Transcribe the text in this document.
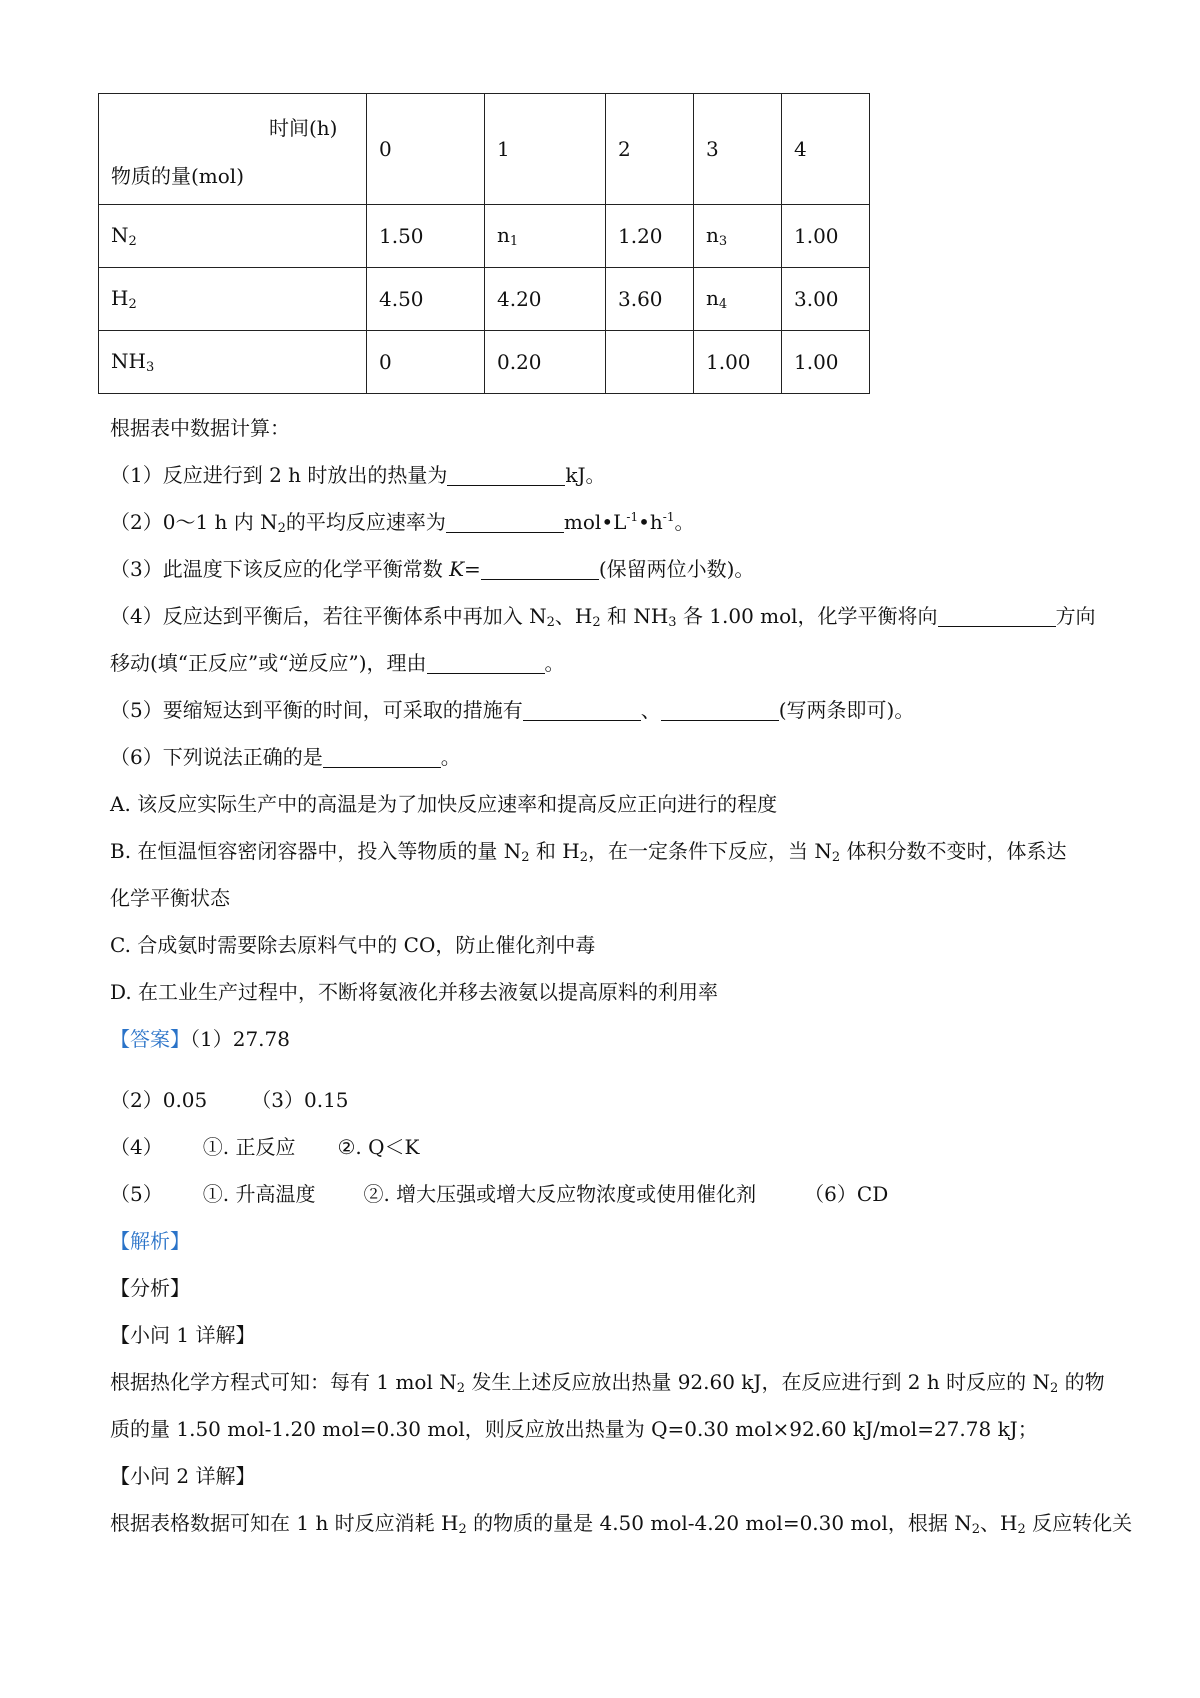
时间(h)
物质的量(mol)	0	1	2	3	4
$N_2$	1.50	$n_1$	1.20	$n_3$	1.00
$H_2$	4.50	4.20	3.60	$n_4$	3.00
$NH_3$	0	0.20		1.00	1.00
根据表中数据计算：
（1）反应进行到 2 h 时放出的热量为	kJ。
（2）0～1 h 内 $N_2$的平均反应速率为	$mol•L^{-1}•h^{-1}$。
（3）此温度下该反应的化学平衡常数 K=	(保留两位小数)。
（4）反应达到平衡后，若往平衡体系中再加入 $N_2$、$H_2$ 和 $NH_3$ 各 1.00 mol，化学平衡将向	方向
移动(填“正反应”或“逆反应”)，理由	。
（5）要缩短达到平衡的时间，可采取的措施有	、	(写两条即可)。
（6）下列说法正确的是	。
A. 该反应实际生产中的高温是为了加快反应速率和提高反应正向进行的程度
B. 在恒温恒容密闭容器中，投入等物质的量 $N_2$ 和 $H_2$，在一定条件下反应，当 $N_2$ 体积分数不变时，体系达
化学平衡状态
C. 合成氨时需要除去原料气中的 CO，防止催化剂中毒
D. 在工业生产过程中，不断将氨液化并移去液氨以提高原料的利用率
【答案】（1）27.78
（2）0.05 （3）0.15
（4） ①. 正反应 ②. Q＜K
（5） ①. 升高温度 ②. 增大压强或增大反应物浓度或使用催化剂 （6）CD
【解析】
【分析】
【小问 1 详解】
根据热化学方程式可知：每有 1 mol $N_2$ 发生上述反应放出热量 92.60 kJ，在反应进行到 2 h 时反应的 $N_2$ 的物
质的量 1.50 mol-1.20 mol=0.30 mol，则反应放出热量为 Q=0.30 mol×92.60 kJ/mol=27.78 kJ；
【小问 2 详解】
根据表格数据可知在 1 h 时反应消耗 $H_2$ 的物质的量是 4.50 mol-4.20 mol=0.30 mol，根据 $N_2$、$H_2$ 反应转化关
